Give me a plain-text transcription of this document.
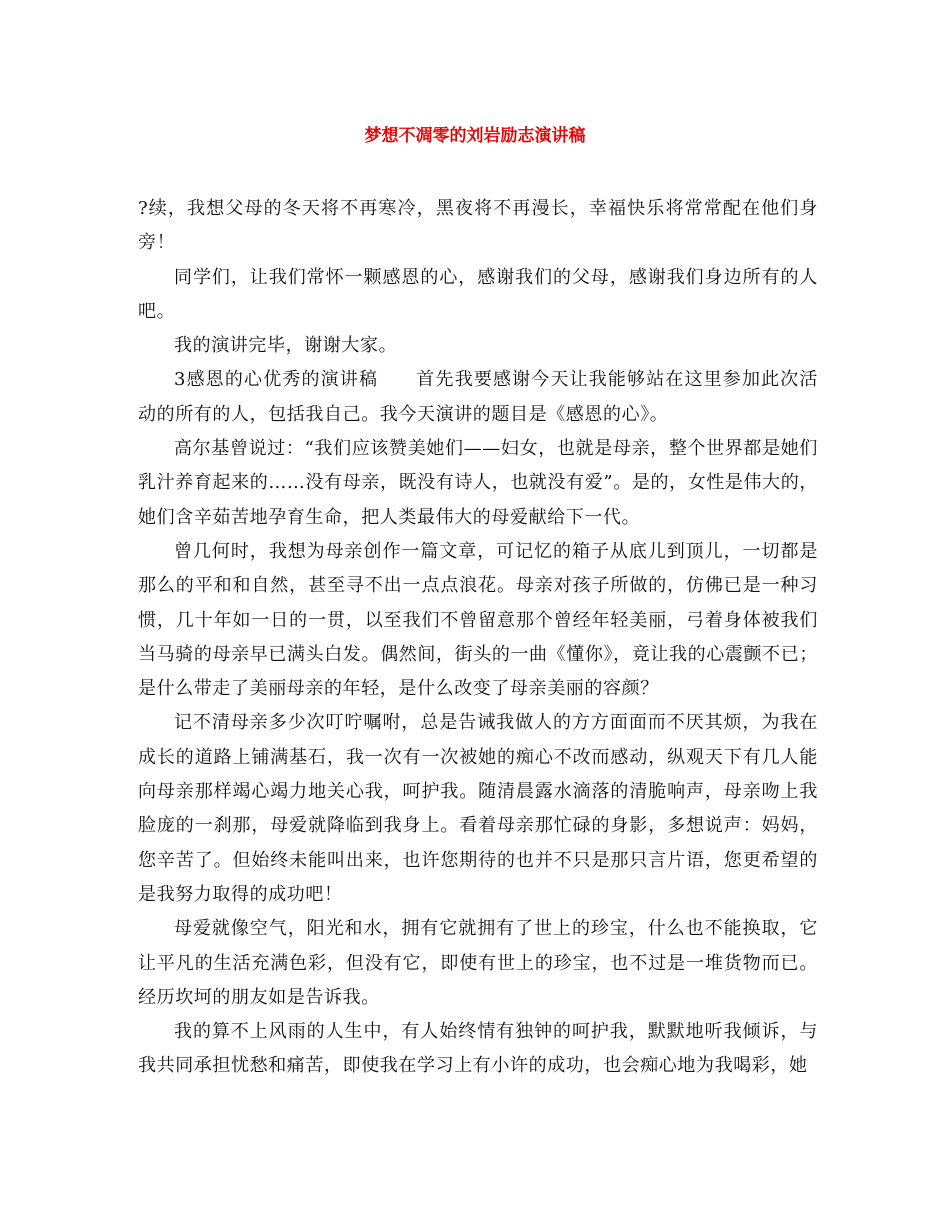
梦想不凋零的刘岩励志演讲稿

?续，我想父母的冬天将不再寒冷，黑夜将不再漫长，幸福快乐将常常配在他们身旁！

同学们，让我们常怀一颗感恩的心，感谢我们的父母，感谢我们身边所有的人吧。

我的演讲完毕，谢谢大家。

3感恩的心优秀的演讲稿　　首先我要感谢今天让我能够站在这里参加此次活动的所有的人，包括我自己。我今天演讲的题目是《感恩的心》。

高尔基曾说过：“我们应该赞美她们——妇女，也就是母亲，整个世界都是她们乳汁养育起来的……没有母亲，既没有诗人，也就没有爱”。是的，女性是伟大的，她们含辛茹苦地孕育生命，把人类最伟大的母爱献给下一代。

曾几何时，我想为母亲创作一篇文章，可记忆的箱子从底儿到顶儿，一切都是那么的平和和自然，甚至寻不出一点点浪花。母亲对孩子所做的，仿佛已是一种习惯，几十年如一日的一贯，以至我们不曾留意那个曾经年轻美丽，弓着身体被我们当马骑的母亲早已满头白发。偶然间，街头的一曲《懂你》，竟让我的心震颤不已；是什么带走了美丽母亲的年轻，是什么改变了母亲美丽的容颜？

记不清母亲多少次叮咛嘱咐，总是告诫我做人的方方面面而不厌其烦，为我在成长的道路上铺满基石，我一次有一次被她的痴心不改而感动，纵观天下有几人能向母亲那样竭心竭力地关心我，呵护我。随清晨露水滴落的清脆响声，母亲吻上我脸庞的一刹那，母爱就降临到我身上。看着母亲那忙碌的身影，多想说声：妈妈，您辛苦了。但始终未能叫出来，也许您期待的也并不只是那只言片语，您更希望的是我努力取得的成功吧！

母爱就像空气，阳光和水，拥有它就拥有了世上的珍宝，什么也不能换取，它让平凡的生活充满色彩，但没有它，即使有世上的珍宝，也不过是一堆货物而已。经历坎坷的朋友如是告诉我。

我的算不上风雨的人生中，有人始终情有独钟的呵护我，默默地听我倾诉，与我共同承担忧愁和痛苦，即使我在学习上有小许的成功，也会痴心地为我喝彩，她
